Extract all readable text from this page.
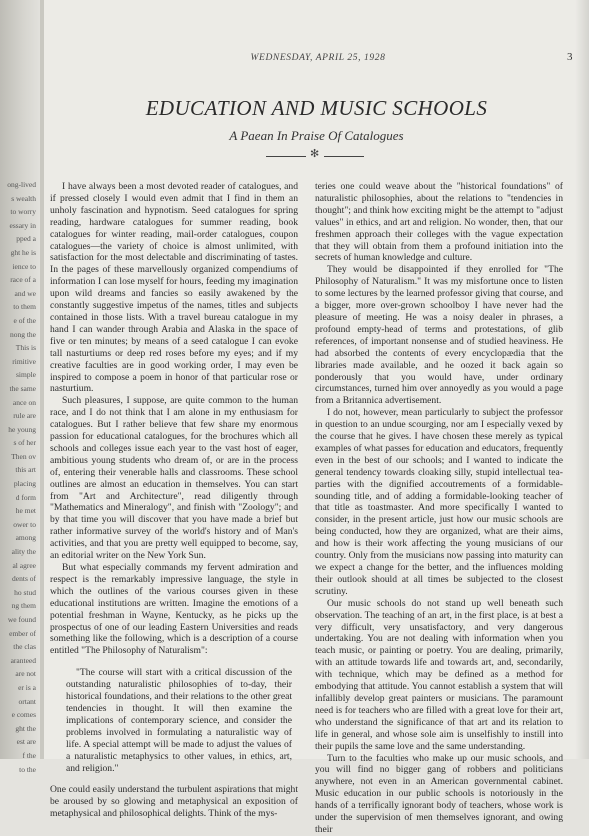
ong-lived
s wealth
to worry
essary in
pped a
ght he is
ience to
race of a
and we
to them
e of the
nong the
This is
rimitive
simple
the same
ance on
rule are
he young
s of her
Then ov
this art
placing
d form
he met
ower to
among
ality the
al agree
dents of
ho stud
ng them
we found
ember of
the clas
aranteed
are not
er is a
ortant
e comes
ght the
est are
f the
to the
WEDNESDAY, APRIL 25, 1928	3
EDUCATION AND MUSIC SCHOOLS
A Paean In Praise Of Catalogues
✻

I have always been a most devoted reader of catalogues, and if pressed closely I would even admit that I find in them an unholy fascination and hypnotism. Seed catalogues for spring reading, hardware catalogues for summer reading, book catalogues for winter reading, mail-order catalogues, coupon catalogues—the variety of choice is almost unlimited, with satisfaction for the most delectable and discriminating of tastes. In the pages of these marvellously organized compendiums of information I can lose myself for hours, feeding my imagination upon wild dreams and fancies so easily awakened by the constantly suggestive impetus of the names, titles and subjects contained in those lists. With a travel bureau catalogue in my hand I can wander through Arabia and Alaska in the space of five or ten minutes; by means of a seed catalogue I can evoke tall nasturtiums or deep red roses before my eyes; and if my creative faculties are in good working order, I may even be inspired to compose a poem in honor of that particular rose or nasturtium.

Such pleasures, I suppose, are quite common to the human race, and I do not think that I am alone in my enthusiasm for catalogues. But I rather believe that few share my enormous passion for educational catalogues, for the brochures which all schools and colleges issue each year to the vast host of eager, ambitious young students who dream of, or are in the process of, entering their venerable halls and classrooms. These school outlines are almost an education in themselves. You can start from "Art and Architecture", read diligently through "Mathematics and Mineralogy", and finish with "Zoology"; and by that time you will discover that you have made a brief but rather informative survey of the world's history and of Man's activities, and that you are pretty well equipped to become, say, an editorial writer on the New York Sun.

But what especially commands my fervent admiration and respect is the remarkably impressive language, the style in which the outlines of the various courses given in these educational institutions are written. Imagine the emotions of a potential freshman in Wayne, Kentucky, as he picks up the prospectus of one of our leading Eastern Universities and reads something like the following, which is a description of a course entitled "The Philosophy of Naturalism":

"The course will start with a critical discussion of the outstanding naturalistic philosophies of to-day, their historical foundations, and their relations to the other great tendencies in thought. It will then examine the implications of contemporary science, and consider the problems involved in formulating a naturalistic way of life. A special attempt will be made to adjust the values of a naturalistic metaphysics to other values, in ethics, art, and religion."

One could easily understand the turbulent aspirations that might be aroused by so glowing and metaphysical an exposition of metaphysical and philosophical delights. Think of the mys-

teries one could weave about the "historical foundations" of naturalistic philosophies, about the relations to "tendencies in thought"; and think how exciting might be the attempt to "adjust values" in ethics, and art and religion. No wonder, then, that our freshmen approach their colleges with the vague expectation that they will obtain from them a profound initiation into the secrets of human knowledge and culture.

They would be disappointed if they enrolled for "The Philosophy of Naturalism." It was my misfortune once to listen to some lectures by the learned professor giving that course, and a bigger, more over-grown schoolboy I have never had the pleasure of meeting. He was a noisy dealer in phrases, a profound empty-head of terms and protestations, of glib references, of important nonsense and of studied heaviness. He had absorbed the contents of every encyclopædia that the libraries made available, and he oozed it back again so ponderously that you would have, under ordinary circumstances, turned him over annoyedly as you would a page from a Britannica advertisement.

I do not, however, mean particularly to subject the professor in question to an undue scourging, nor am I especially vexed by the course that he gives. I have chosen these merely as typical examples of what passes for education and educators, frequently even in the best of our schools; and I wanted to indicate the general tendency towards cloaking silly, stupid intellectual tea-parties with the dignified accoutrements of a formidable-sounding title, and of adding a formidable-looking teacher of that title as toastmaster. And more specifically I wanted to consider, in the present article, just how our music schools are being conducted, how they are organized, what are their aims, and how is their work affecting the young musicians of our country. Only from the musicians now passing into maturity can we expect a change for the better, and the influences molding their outlook should at all times be subjected to the closest scrutiny.

Our music schools do not stand up well beneath such observation. The teaching of an art, in the first place, is at best a very difficult, very unsatisfactory, and very dangerous undertaking. You are not dealing with information when you teach music, or painting or poetry. You are dealing, primarily, with an attitude towards life and towards art, and, secondarily, with technique, which may be defined as a method for embodying that attitude. You cannot establish a system that will infallibly develop great painters or musicians. The paramount need is for teachers who are filled with a great love for their art, who understand the significance of that art and its relation to life in general, and whose sole aim is unselfishly to instill into their pupils the same love and the same understanding.

Turn to the faculties who make up our music schools, and you will find no bigger gang of robbers and politicians anywhere, not even in an American governmental cabinet. Music education in our public schools is notoriously in the hands of a terrifically ignorant body of teachers, whose work is under the supervision of men themselves ignorant, and owing their
